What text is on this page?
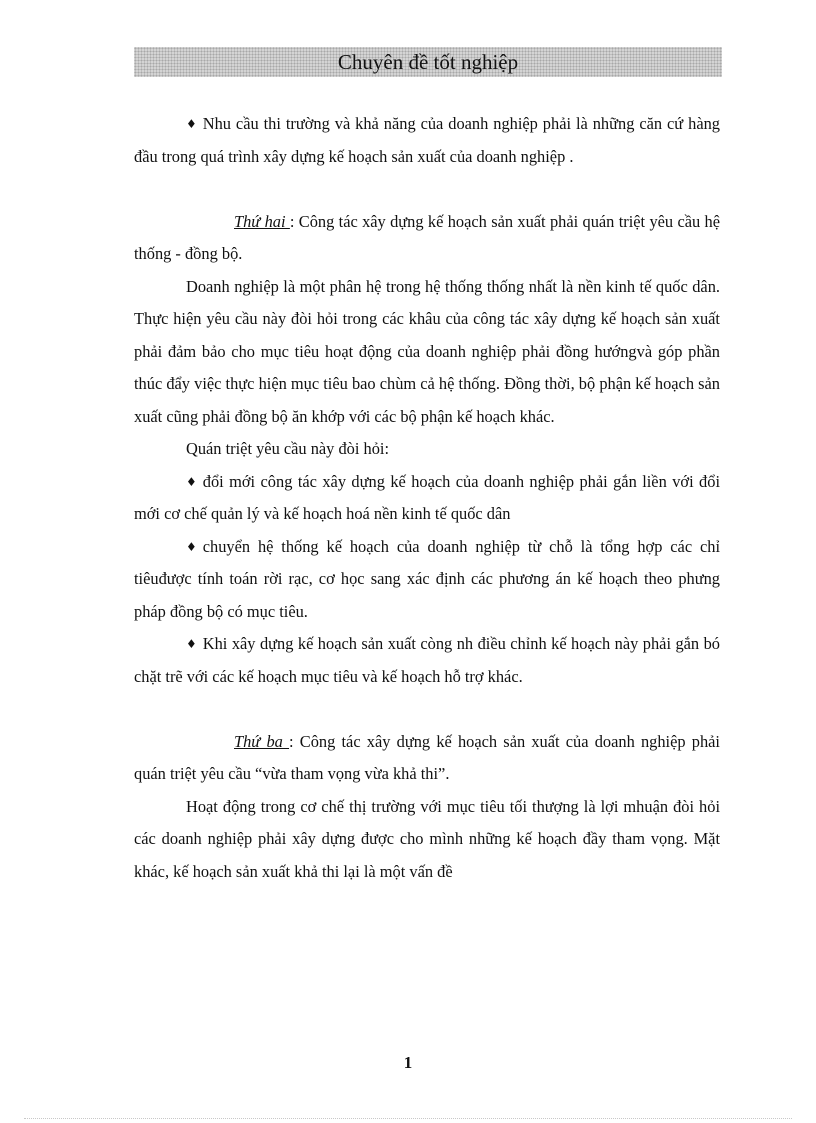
Chuyên đề tốt nghiệp

♦ Nhu cầu thi trường và khả năng của doanh nghiệp phải là những căn cứ hàng đầu trong quá trình xây dựng kế hoạch sản xuất của doanh nghiệp .

Thứ hai : Công tác xây dựng kế hoạch sản xuất phải quán triệt yêu cầu hệ thống - đồng bộ.

Doanh nghiệp là một phân hệ trong hệ thống thống nhất là nền kinh tế quốc dân. Thực hiện yêu cầu này đòi hỏi trong các khâu của công tác xây dựng kế hoạch sản xuất phải đảm bảo cho mục tiêu hoạt động của doanh nghiệp phải đồng hướngvà góp phần thúc đẩy việc thực hiện mục tiêu bao chùm cả hệ thống. Đồng thời, bộ phận kế hoạch sản xuất cũng phải đồng bộ ăn khớp với các bộ phận kế hoạch khác.

Quán triệt yêu cầu này đòi hỏi:

♦ đổi mới công tác xây dựng kế hoạch của doanh nghiệp phải gắn liền với đổi mới cơ chế quản lý và kế hoạch hoá nền kinh tế quốc dân

♦ chuyển hệ thống kế hoạch của doanh nghiệp từ chỗ là tổng hợp các chỉ tiêuđược tính toán rời rạc, cơ học sang xác định các phương án kế hoạch theo phưng pháp đồng bộ có mục tiêu.

♦ Khi xây dựng kế hoạch sản xuất còng nh điều chỉnh kế hoạch này phải gắn bó chặt trẽ với các kế hoạch mục tiêu và kế hoạch hỗ trợ khác.

Thứ ba : Công tác xây dựng kế hoạch sản xuất của doanh nghiệp phải quán triệt yêu cầu “vừa tham vọng vừa khả thi”.

Hoạt động trong cơ chế thị trường với mục tiêu tối thượng là lợi mhuận đòi hỏi các doanh nghiệp phải xây dựng được cho mình những kế hoạch đầy tham vọng. Mặt khác, kế hoạch sản xuất khả thi lại là một vấn đề

1
